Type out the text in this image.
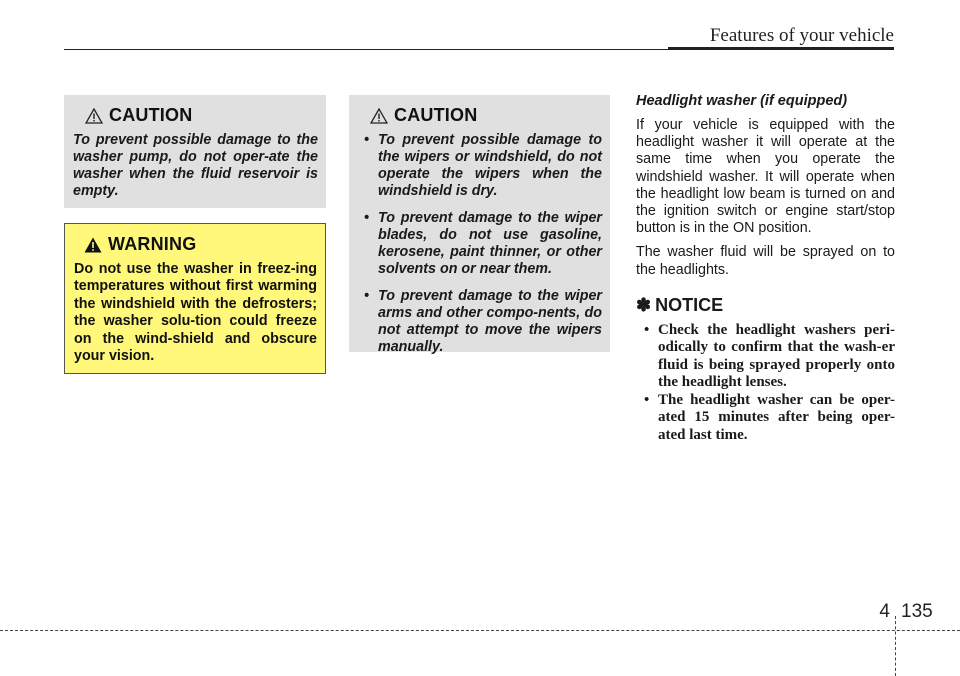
Features of your vehicle
CAUTION
To prevent possible damage to the washer pump, do not oper-ate the washer when the fluid reservoir is empty.
WARNING
Do not use the washer in freez-ing temperatures without first warming the windshield with the defrosters; the washer solu-tion could freeze on the wind-shield and obscure your vision.
CAUTION
• To prevent possible damage to the wipers or windshield, do not operate the wipers when the windshield is dry.
• To prevent damage to the wiper blades, do not use gasoline, kerosene, paint thinner, or other solvents on or near them.
• To prevent damage to the wiper arms and other compo-nents, do not attempt to move the wipers manually.
Headlight washer (if equipped)

If your vehicle is equipped with the headlight washer it will operate at the same time when you operate the windshield washer. It will operate when the headlight low beam is turned on and the ignition switch or engine start/stop button is in the ON position.

The washer fluid will be sprayed on to the headlights.

✽ NOTICE
• Check the headlight washers peri-odically to confirm that the wash-er fluid is being sprayed properly onto the headlight lenses.
• The headlight washer can be oper-ated 15 minutes after being oper-ated last time.
4 135
